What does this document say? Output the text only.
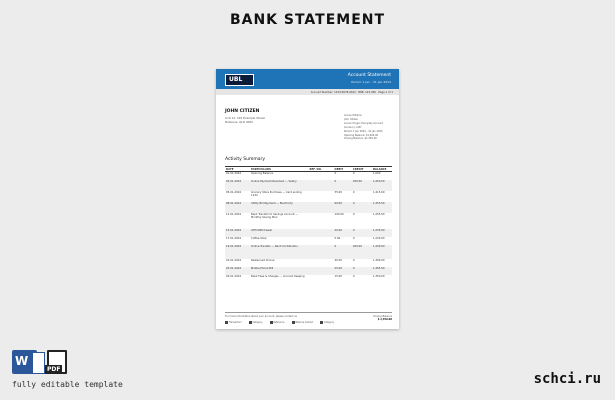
BANK STATEMENT
UBL
Account Statement
Period: 1 Jan - 31 Jan 2024
Account Number: 1234-5678-9012 · BSB: 123-456 · Page 1 of 1
JOHN CITIZEN
Unit 12, 345 Example Street
Brisbane, QLD 4000
Account Name
John Citizen
Account type: Everyday Account
Currency: AUD
Period: 1 Jan 2024 - 31 Jan 2024
Opening Balance: $1,000.00
Closing Balance: $1,350.00
Activity Summary
DATE	PARTICULARS	REF. NO.	DEBIT	CREDIT	BALANCE
01-01-2024	Opening Balance		0	0	1,000
03-01-2024	Online Payment Received — Salary		0	450.00	1,450.00
05-01-2024	Grocery Store Purchase — Card ending 1234		35.00	0	1,415.00
08-01-2024	Utility Bill Payment — Electricity		60.00	0	1,355.00
12-01-2024	Bank Transfer to Savings Account — Monthly Saving Plan		100.00	0	1,255.00
15-01-2024	ATM Withdrawal		20.00	0	1,235.00
17-01-2024	Coffee Shop		5.00	0	1,230.00
19-01-2024	Online Transfer — Rent Contribution		0	200.00	1,430.00
22-01-2024	Restaurant Dinner		40.00	0	1,390.00
25-01-2024	Mobile Phone Bill		25.00	0	1,365.00
29-01-2024	Bank Fees & Charges — Account Keeping		15.00	0	1,350.00
For more information about your account, please contact us	Closing Balance
$ 1,350.00
Transaction	Category	Reference	Balance Carried	Category
W
PDF
fully editable template	schci.ru
